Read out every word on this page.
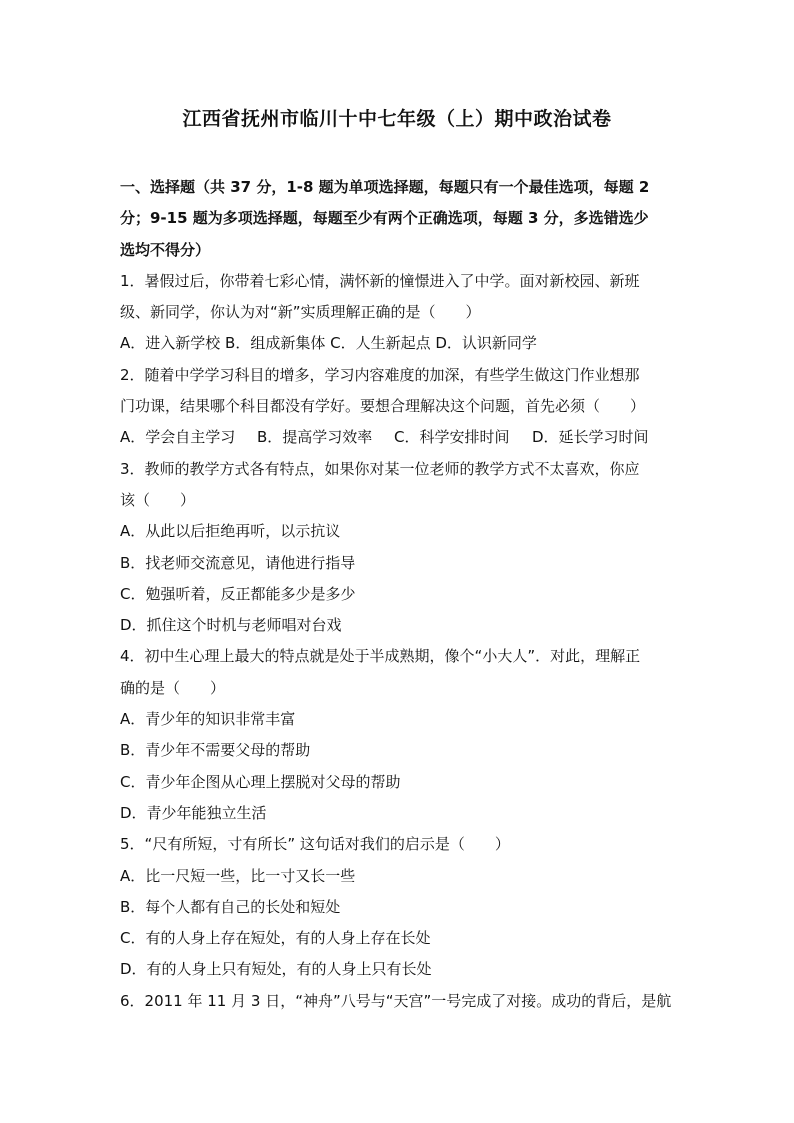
江西省抚州市临川十中七年级（上）期中政治试卷
一、选择题（共 37 分，1-8 题为单项选择题，每题只有一个最佳选项，每题 2
分；9-15 题为多项选择题，每题至少有两个正确选项，每题 3 分，多选错选少
选均不得分）
1．暑假过后，你带着七彩心情，满怀新的憧憬进入了中学。面对新校园、新班
级、新同学，你认为对“新”实质理解正确的是（　　）
A．进入新学校 B．组成新集体 C．人生新起点 D．认识新同学
2．随着中学学习科目的增多，学习内容难度的加深，有些学生做这门作业想那
门功课，结果哪个科目都没有学好。要想合理解决这个问题，首先必须（　　）
A．学会自主学习	B．提高学习效率	C．科学安排时间	D．延长学习时间
3．教师的教学方式各有特点，如果你对某一位老师的教学方式不太喜欢，你应
该（　　）
A．从此以后拒绝再听，以示抗议
B．找老师交流意见，请他进行指导
C．勉强听着，反正都能多少是多少
D．抓住这个时机与老师唱对台戏
4．初中生心理上最大的特点就是处于半成熟期，像个“小大人”．对此，理解正
确的是（　　）
A．青少年的知识非常丰富
B．青少年不需要父母的帮助
C．青少年企图从心理上摆脱对父母的帮助
D．青少年能独立生活
5．“尺有所短，寸有所长” 这句话对我们的启示是（　　）
A．比一尺短一些，比一寸又长一些
B．每个人都有自己的长处和短处
C．有的人身上存在短处，有的人身上存在长处
D．有的人身上只有短处，有的人身上只有长处
6．2011 年 11 月 3 日，“神舟”八号与“天宫”一号完成了对接。成功的背后，是航
